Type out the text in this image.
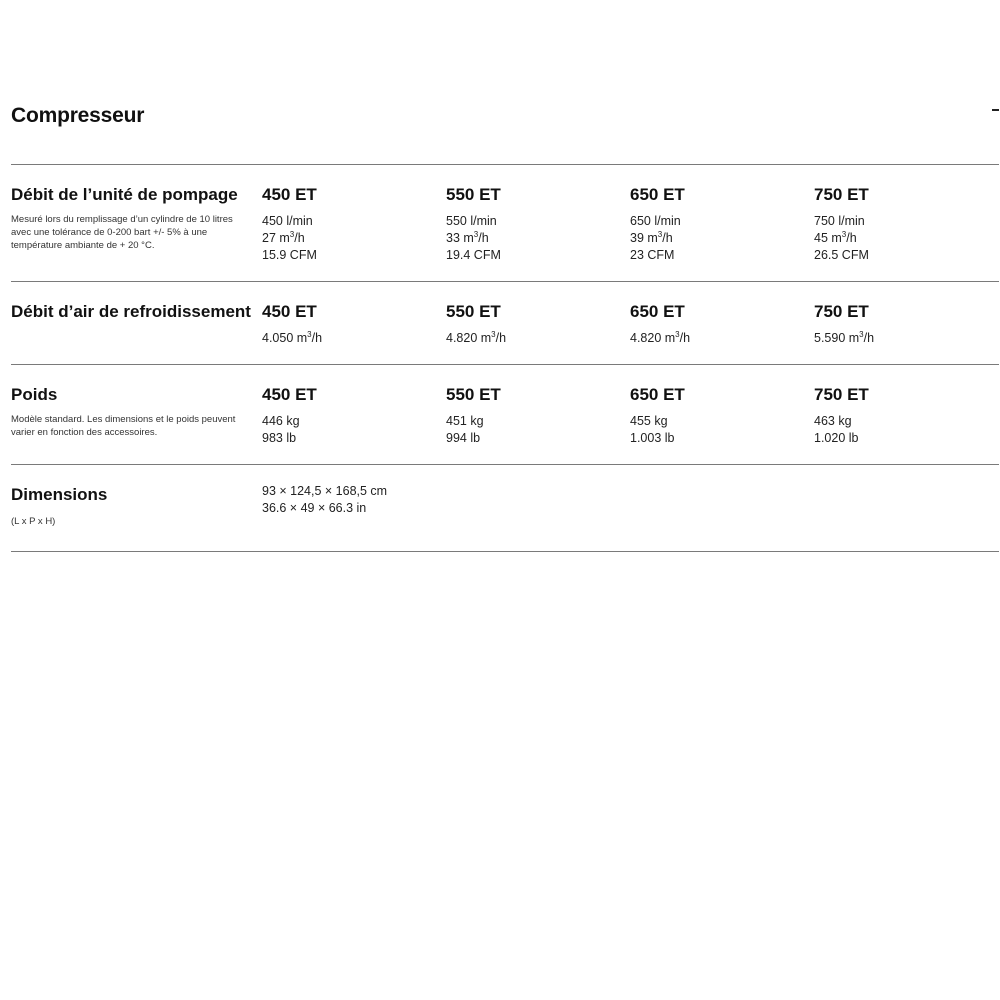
Compresseur
Débit de l’unité de pompage
Mesuré lors du remplissage d’un cylindre de 10 litres avec une tolérance de 0-200 bart +/- 5% à une température ambiante de + 20 °C.
450 ET
450 l/min
27 $m^3/h$
15.9 CFM
550 ET
550 l/min
33 $m^3/h$
19.4 CFM
650 ET
650 l/min
39 $m^3/h$
23 CFM
750 ET
750 l/min
45 $m^3/h$
26.5 CFM
Débit d’air de refroidissement 450 ET
4.050 $m^3/h$
550 ET
4.820 $m^3/h$
650 ET
4.820 $m^3/h$
750 ET
5.590 $m^3/h$
Poids
Modèle standard. Les dimensions et le poids peuvent varier en fonction des accessoires.
450 ET
446 kg
983 lb
550 ET
451 kg
994 lb
650 ET
455 kg
1.003 lb
750 ET
463 kg
1.020 lb
Dimensions
(L x P x H)
93 × 124,5 × 168,5 cm
36.6 × 49 × 66.3 in
